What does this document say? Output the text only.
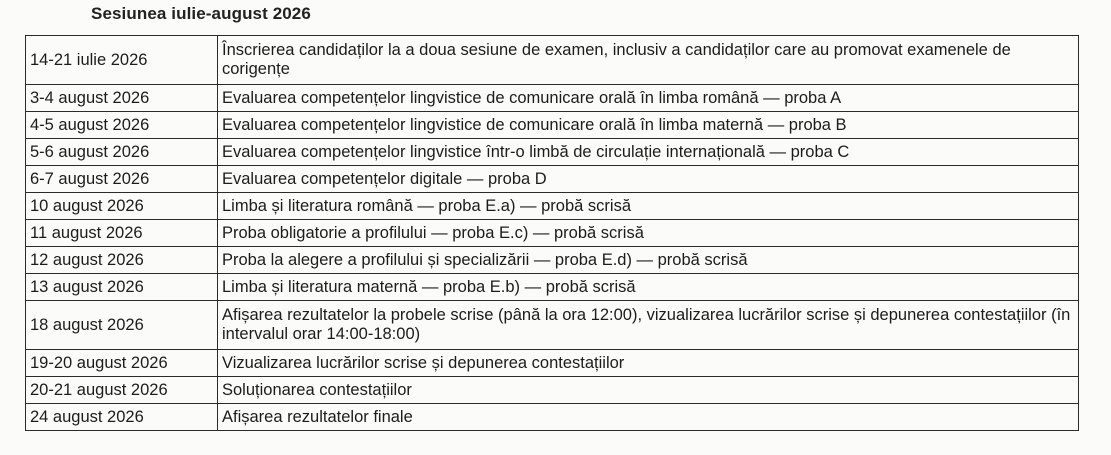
Sesiunea iulie-august 2026
14-21 iulie 2026	Înscrierea candidaților la a doua sesiune de examen, inclusiv a candidaților care au promovat examenele de corigențe
3-4 august 2026	Evaluarea competențelor lingvistice de comunicare orală în limba română — proba A
4-5 august 2026	Evaluarea competențelor lingvistice de comunicare orală în limba maternă — proba B
5-6 august 2026	Evaluarea competențelor lingvistice într-o limbă de circulație internațională — proba C
6-7 august 2026	Evaluarea competențelor digitale — proba D
10 august 2026	Limba și literatura română — proba E.a) — probă scrisă
11 august 2026	Proba obligatorie a profilului — proba E.c) — probă scrisă
12 august 2026	Proba la alegere a profilului și specializării — proba E.d) — probă scrisă
13 august 2026	Limba și literatura maternă — proba E.b) — probă scrisă
18 august 2026	Afișarea rezultatelor la probele scrise (până la ora 12:00), vizualizarea lucrărilor scrise și depunerea contestațiilor (în intervalul orar 14:00-18:00)
19-20 august 2026	Vizualizarea lucrărilor scrise și depunerea contestațiilor
20-21 august 2026	Soluționarea contestațiilor
24 august 2026	Afișarea rezultatelor finale
